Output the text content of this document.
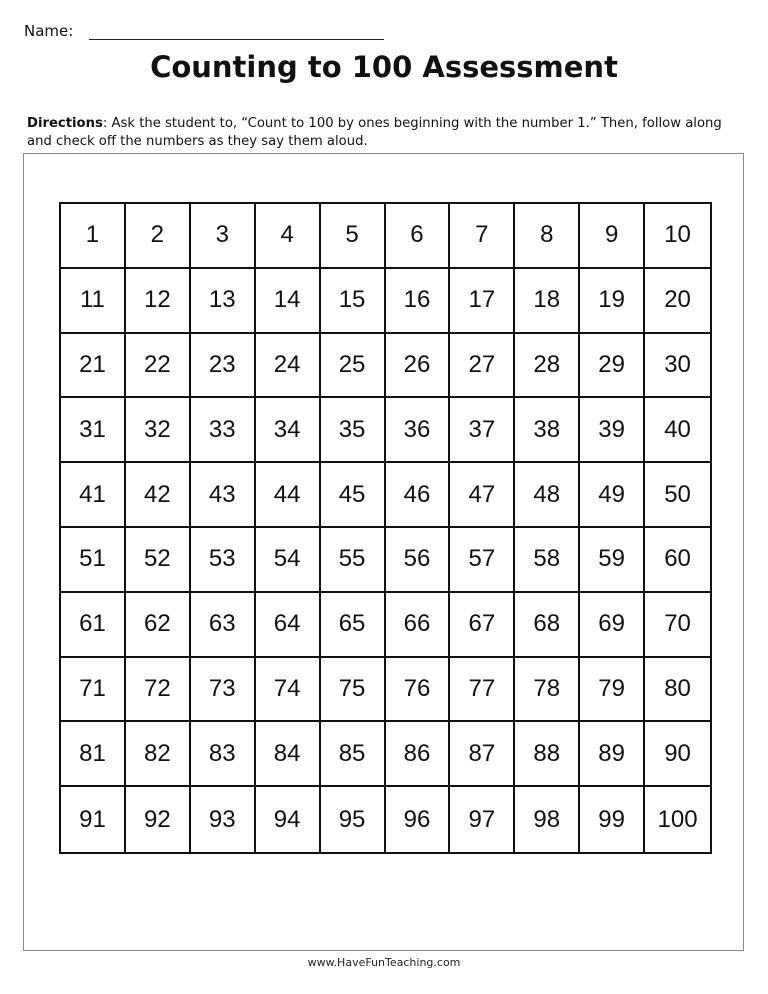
Name:
Counting to 100 Assessment
Directions: Ask the student to, “Count to 100 by ones beginning with the number 1.” Then, follow along and check off the numbers as they say them aloud.
1	2	3	4	5	6	7	8	9	10
11	12	13	14	15	16	17	18	19	20
21	22	23	24	25	26	27	28	29	30
31	32	33	34	35	36	37	38	39	40
41	42	43	44	45	46	47	48	49	50
51	52	53	54	55	56	57	58	59	60
61	62	63	64	65	66	67	68	69	70
71	72	73	74	75	76	77	78	79	80
81	82	83	84	85	86	87	88	89	90
91	92	93	94	95	96	97	98	99	100
www.HaveFunTeaching.com
